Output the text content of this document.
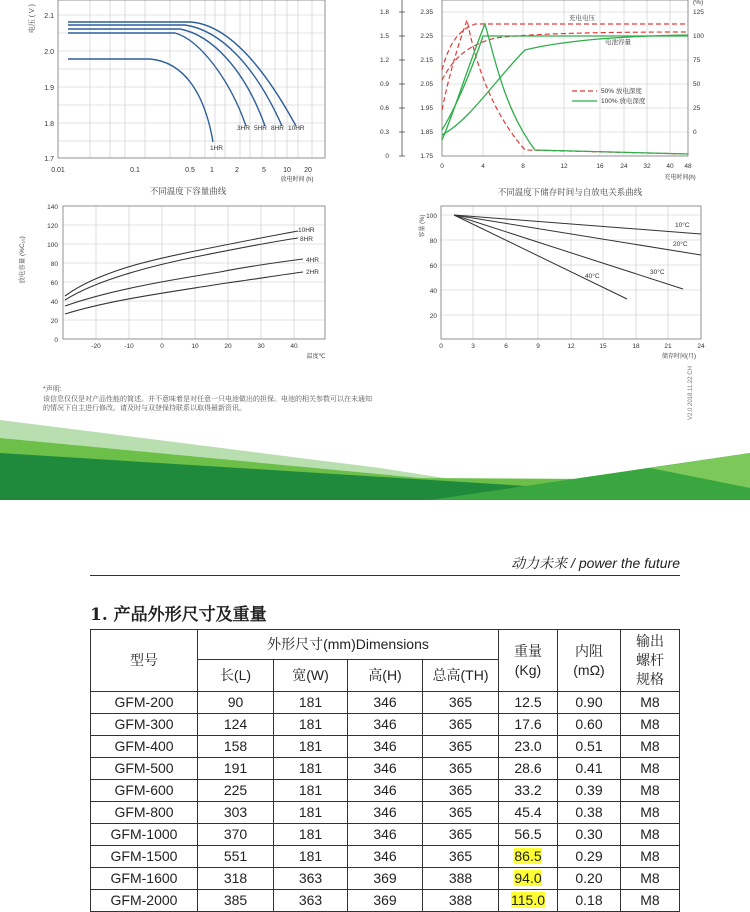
电压 ( V ) 2.1
2.0
1.9
1.8
1.7
0.01	0.1	0.5 1	2	5 10 20
放电时间 (h)
3HR 5HR 8HR 10HR
1HR
不同温度下容量曲线
1.8
1.5
1.2
0.9
0.6
0.3
0
2.35
2.25
2.15
2.05
1.95
1.85
1.75
(%)
125
100
75
50
25
0
0	4	8	12	16	24 32 40 48
充电时间(h)
充电电压
电池容量
50% 放电深度
100% 放电深度
不同温度下储存时间与自放电关系曲线
放电容量 (%C₁₀)
140
120
100
80
60
40
20
0
-20	-10	0	10	20	30	40
温度℃
10HR
8HR
4HR
2HR
容量 (%) 100
80
60
40
20
0	3	6	9	12	15	18	21	24
储存时间(月)
10°C
20°C
30°C
40°C
*声明:
该信息仅仅是对产品性能的简述。并不意味着是对任意一只电池做出的担保。电池的相关参数可以在未通知
的情况下自主进行修改。请及时与双登保持联系以取得最新资讯。	V2.0 2018.11.22 CH
动力未来 / power the future
1. 产品外形尺寸及重量
型号	外形尺寸(mm)Dimensions				重量 (Kg)	内阻 (mΩ)	输出螺杆规格
	长(L)	宽(W)	高(H)	总高(TH)			
GFM-200	90	181	346	365	12.5	0.90	M8
GFM-300	124	181	346	365	17.6	0.60	M8
GFM-400	158	181	346	365	23.0	0.51	M8
GFM-500	191	181	346	365	28.6	0.41	M8
GFM-600	225	181	346	365	33.2	0.39	M8
GFM-800	303	181	346	365	45.4	0.38	M8
GFM-1000	370	181	346	365	56.5	0.30	M8
GFM-1500	551	181	346	365	86.5	0.29	M8
GFM-1600	318	363	369	388	94.0	0.20	M8
GFM-2000	385	363	369	388	115.0	0.18	M8
